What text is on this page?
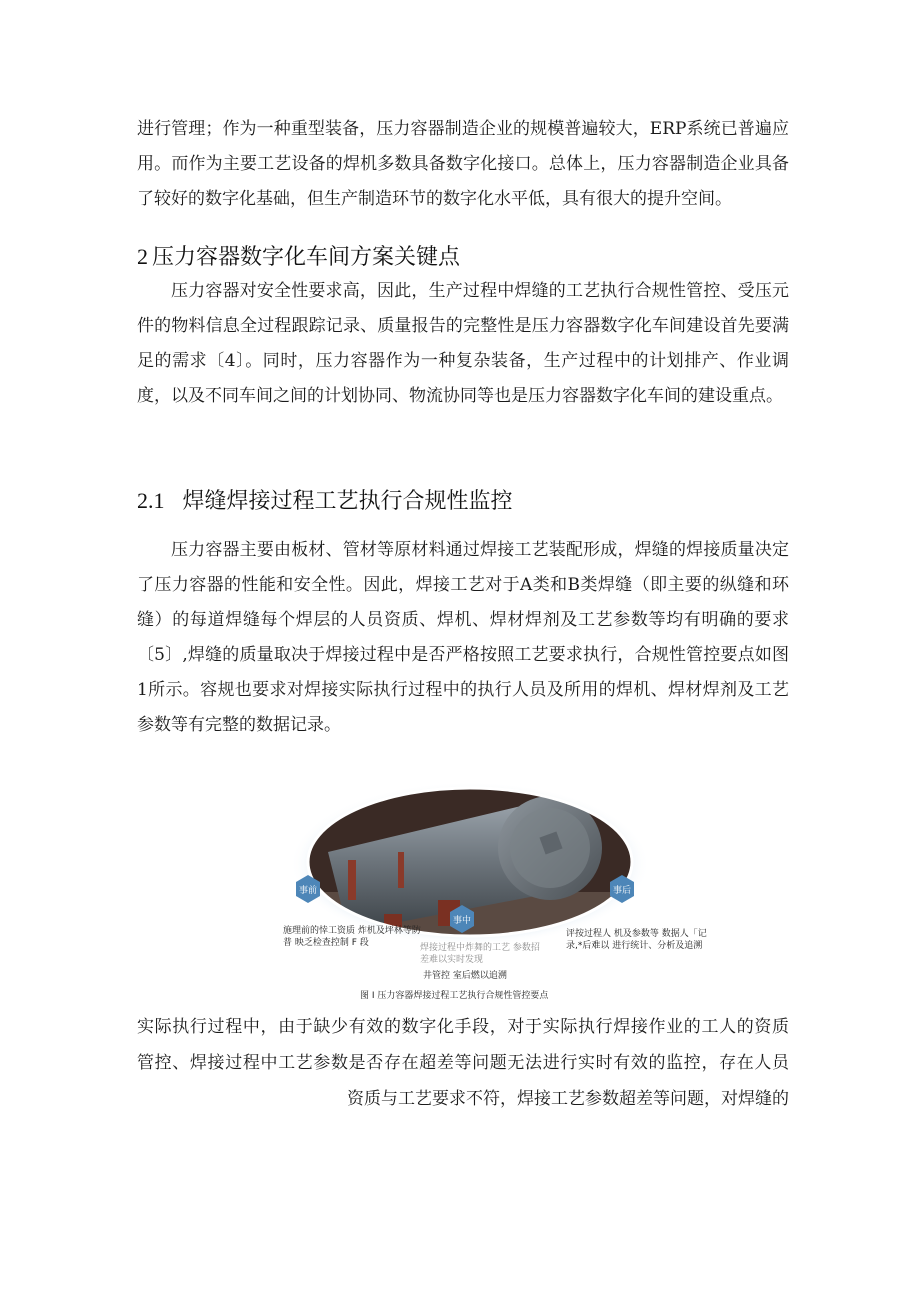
进行管理；作为一种重型装备，压力容器制造企业的规模普遍较大，ERP系统已普遍应用。而作为主要工艺设备的焊机多数具备数字化接口。总体上，压力容器制造企业具备了较好的数字化基础，但生产制造环节的数字化水平低，具有很大的提升空间。

2 压力容器数字化车间方案关键点

压力容器对安全性要求高，因此，生产过程中焊缝的工艺执行合规性管控、受压元件的物料信息全过程跟踪记录、质量报告的完整性是压力容器数字化车间建设首先要满足的需求〔4〕。同时，压力容器作为一种复杂装备，生产过程中的计划排产、作业调度，以及不同车间之间的计划协同、物流协同等也是压力容器数字化车间的建设重点。

2.1 焊缝焊接过程工艺执行合规性监控

压力容器主要由板材、管材等原材料通过焊接工艺装配形成，焊缝的焊接质量决定了压力容器的性能和安全性。因此，焊接工艺对于A类和B类焊缝（即主要的纵缝和环缝）的每道焊缝每个焊层的人员资质、焊机、焊材焊剂及工艺参数等均有明确的要求〔5〕,焊缝的质量取决于焊接过程中是否严格按照工艺要求执行，合规性管控要点如图1所示。容规也要求对焊接实际执行过程中的执行人员及所用的焊机、焊材焊剂及工艺参数等有完整的数据记录。

事前
事中
事后
施理前的悻工资质 炸机及坪林等防普 映乏检查控制 F 段	焊接过程中炸舞的工艺 参数招差难以实时发现
井管控 室后燃以追溯
评按过程人 机及参数等 数据人「记录,*后难以 进行统计、分析及追溯
图 I 压力容器焊接过程工艺执行合规性管控要点
实际执行过程中，由于缺少有效的数字化手段，对于实际执行焊接作业的工人的资质
管控、焊接过程中工艺参数是否存在超差等问题无法进行实时有效的监控，存在人员
资质与工艺要求不符，焊接工艺参数超差等问题，对焊缝的
